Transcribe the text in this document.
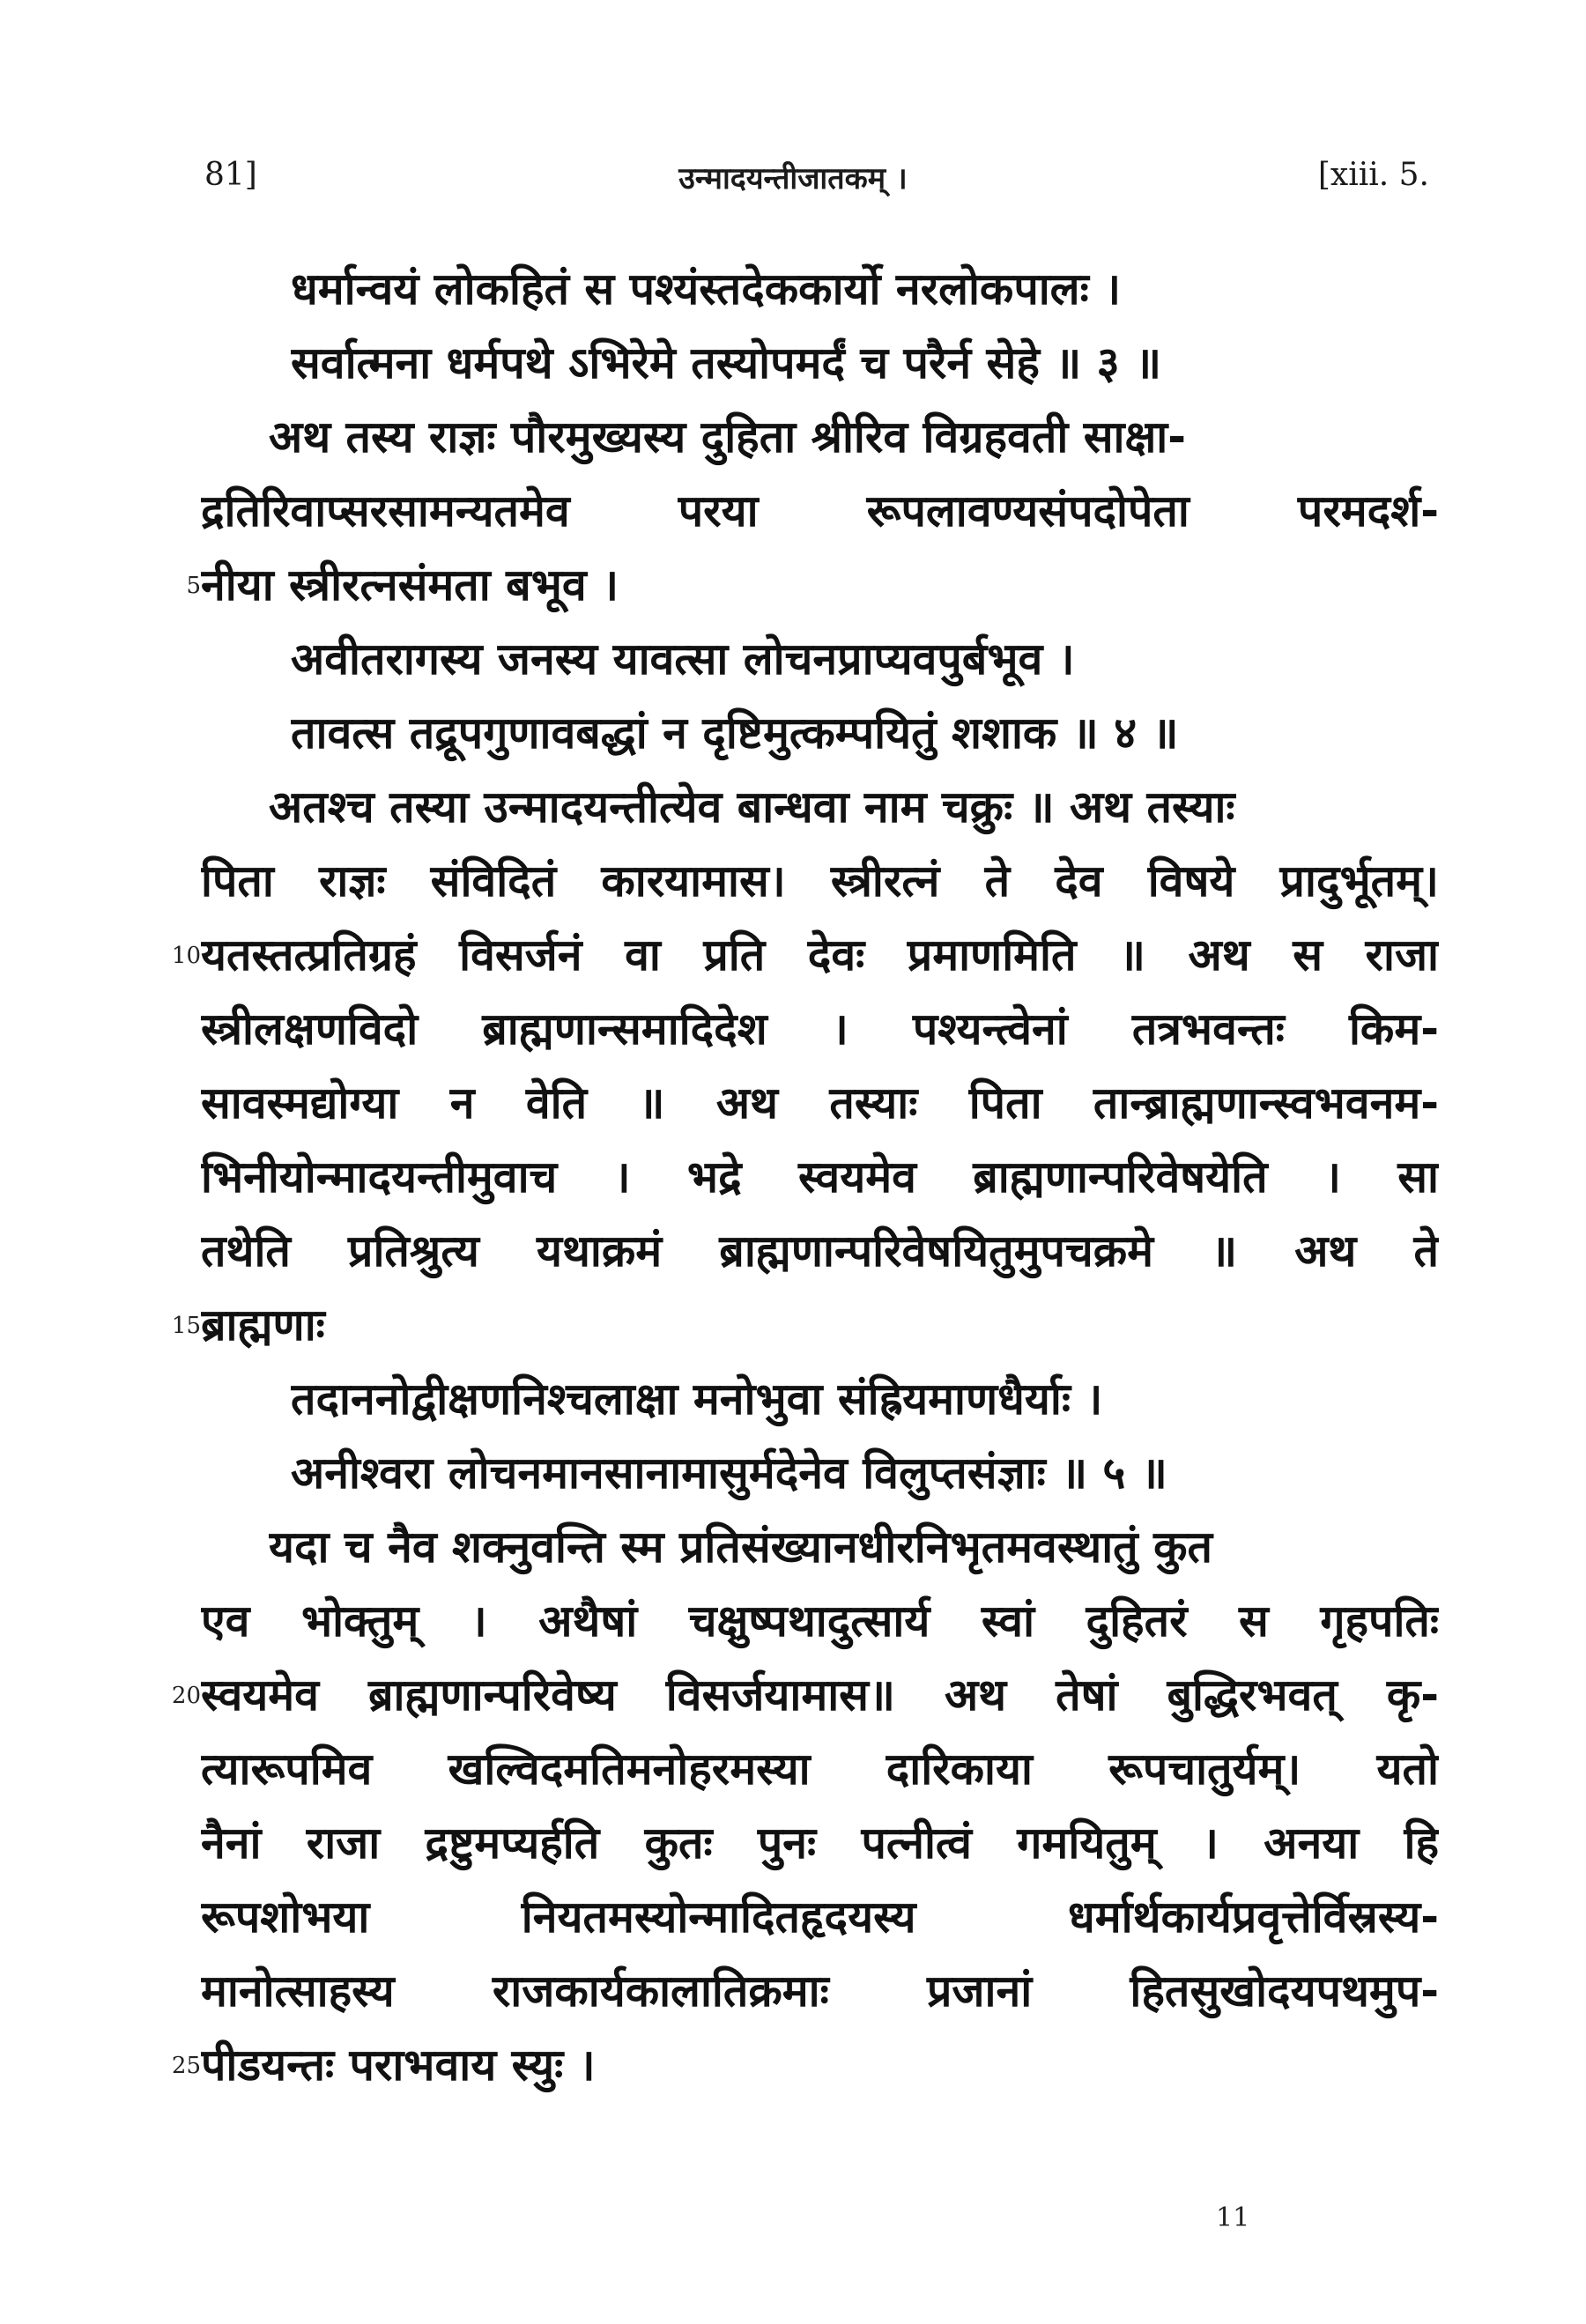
81]	उन्मादयन्तीजातकम् ।	[xiii. 5.
धर्मान्वयं लोकहितं स पश्यंस्तदेककार्यो नरलोकपालः ।
सर्वात्मना धर्मपथे ऽभिरेमे तस्योपमर्दं च परैर्न सेहे ॥ ३ ॥
अथ तस्य राज्ञः पौरमुख्यस्य दुहिता श्रीरिव विग्रहवती साक्षा-
द्रतिरिवाप्सरसामन्यतमेव परया रूपलावण्यसंपदोपेता परमदर्श-
नीया स्त्रीरत्नसंमता बभूव ।
अवीतरागस्य जनस्य यावत्सा लोचनप्राप्यवपुर्बभूव ।
तावत्स तद्रूपगुणावबद्धां न दृष्टिमुत्कम्पयितुं शशाक ॥ ४ ॥
अतश्च तस्या उन्मादयन्तीत्येव बान्धवा नाम चक्रुः ॥ अथ तस्याः
पिता राज्ञः संविदितं कारयामास। स्त्रीरत्नं ते देव विषये प्रादुर्भूतम्।
यतस्तत्प्रतिग्रहं विसर्जनं वा प्रति देवः प्रमाणमिति ॥ अथ स राजा
स्त्रीलक्षणविदो ब्राह्मणान्समादिदेश । पश्यन्त्वेनां तत्रभवन्तः किम-
सावस्मद्योग्या न वेति ॥ अथ तस्याः पिता तान्ब्राह्मणान्स्वभवनम-
भिनीयोन्मादयन्तीमुवाच । भद्रे स्वयमेव ब्राह्मणान्परिवेषयेति । सा
तथेति प्रतिश्रुत्य यथाक्रमं ब्राह्मणान्परिवेषयितुमुपचक्रमे ॥ अथ ते
ब्राह्मणाः
तदाननोद्वीक्षणनिश्चलाक्षा मनोभुवा संह्रियमाणधैर्याः ।
अनीश्वरा लोचनमानसानामासुर्मदेनेव विलुप्तसंज्ञाः ॥ ५ ॥
यदा च नैव शक्नुवन्ति स्म प्रतिसंख्यानधीरनिभृतमवस्थातुं कुत
एव भोक्तुम् । अथैषां चक्षुष्पथादुत्सार्य स्वां दुहितरं स गृहपतिः
स्वयमेव ब्राह्मणान्परिवेष्य विसर्जयामास॥ अथ तेषां बुद्धिरभवत् कृ-
त्यारूपमिव खल्विदमतिमनोहरमस्या दारिकाया रूपचातुर्यम्। यतो
नैनां राजा द्रष्टुमप्यर्हति कुतः पुनः पत्नीत्वं गमयितुम् । अनया हि
रूपशोभया नियतमस्योन्मादितहृदयस्य धर्मार्थकार्यप्रवृत्तेर्विस्रस्य-
मानोत्साहस्य राजकार्यकालातिक्रमाः प्रजानां हितसुखोदयपथमुप-
पीडयन्तः पराभवाय स्युः ।
5
10
15
20
25
11
